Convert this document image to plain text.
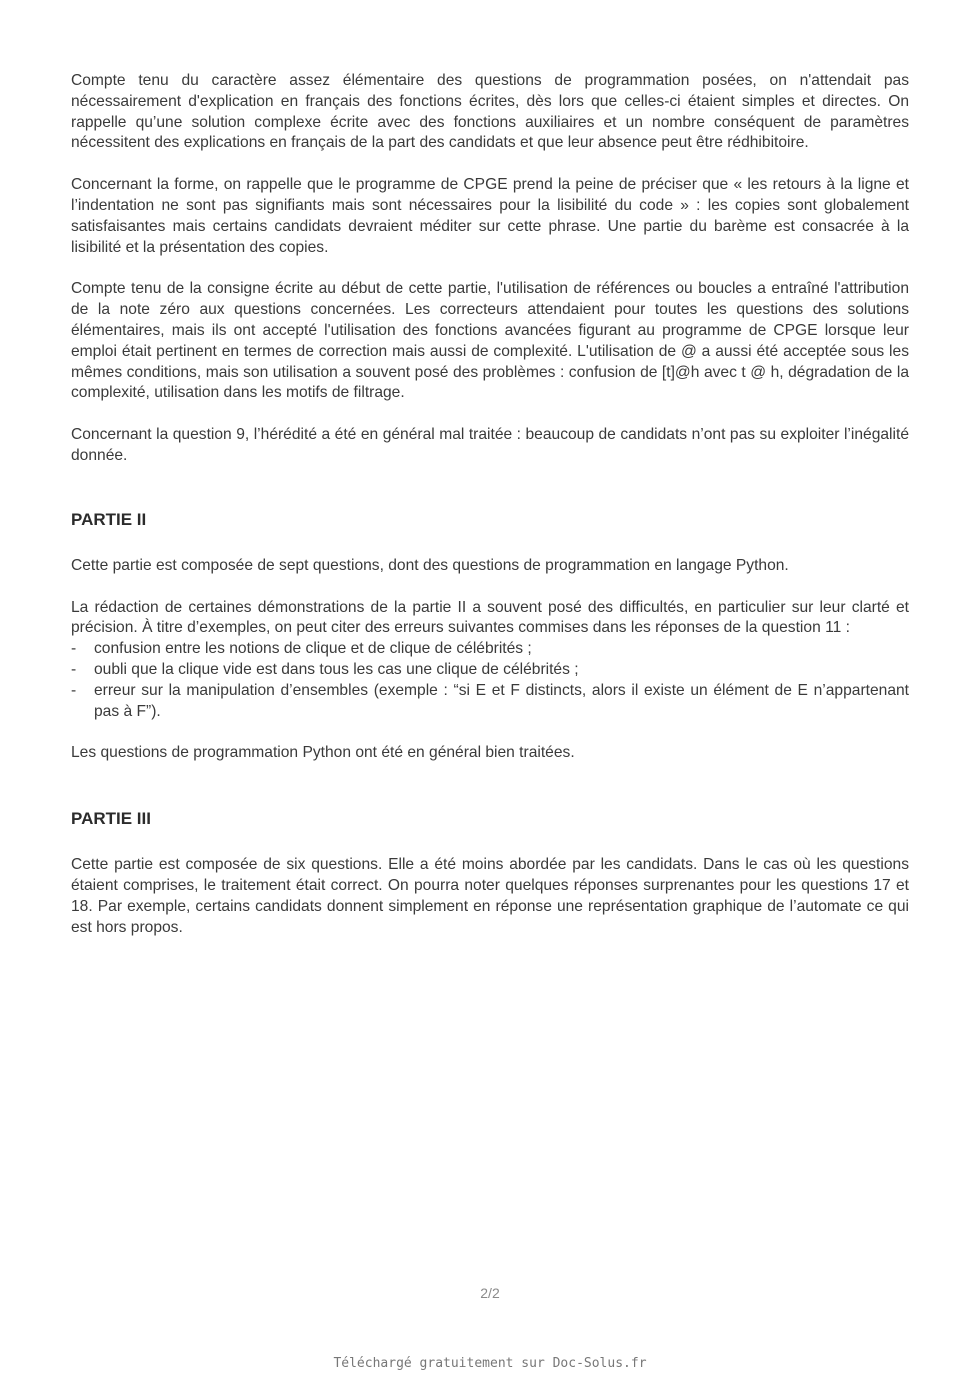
Compte tenu du caractère assez élémentaire des questions de programmation posées, on n'attendait pas nécessairement d'explication en français des fonctions écrites, dès lors que celles-ci étaient simples et directes. On rappelle qu’une solution complexe écrite avec des fonctions auxiliaires et un nombre conséquent de paramètres nécessitent des explications en français de la part des candidats et que leur absence peut être rédhibitoire.

Concernant la forme, on rappelle que le programme de CPGE prend la peine de préciser que « les retours à la ligne et l’indentation ne sont pas signifiants mais sont nécessaires pour la lisibilité du code » : les copies sont globalement satisfaisantes mais certains candidats devraient méditer sur cette phrase. Une partie du barème est consacrée à la lisibilité et la présentation des copies.

Compte tenu de la consigne écrite au début de cette partie, l'utilisation de références ou boucles a entraîné l'attribution de la note zéro aux questions concernées. Les correcteurs attendaient pour toutes les questions des solutions élémentaires, mais ils ont accepté l'utilisation des fonctions avancées figurant au programme de CPGE lorsque leur emploi était pertinent en termes de correction mais aussi de complexité. L'utilisation de @ a aussi été acceptée sous les mêmes conditions, mais son utilisation a souvent posé des problèmes : confusion de [t]@h avec t @ h, dégradation de la complexité, utilisation dans les motifs de filtrage.

Concernant la question 9, l’hérédité a été en général mal traitée : beaucoup de candidats n’ont pas su exploiter l’inégalité donnée.

PARTIE II

Cette partie est composée de sept questions, dont des questions de programmation en langage Python.

La rédaction de certaines démonstrations de la partie II a souvent posé des difficultés, en particulier sur leur clarté et précision. À titre d’exemples, on peut citer des erreurs suivantes commises dans les réponses de la question 11 :

- confusion entre les notions de clique et de clique de célébrités ;
- oubli que la clique vide est dans tous les cas une clique de célébrités ;
- erreur sur la manipulation d’ensembles (exemple : “si E et F distincts, alors il existe un élément de E n’appartenant pas à F”).

Les questions de programmation Python ont été en général bien traitées.

PARTIE III

Cette partie est composée de six questions. Elle a été moins abordée par les candidats. Dans le cas où les questions étaient comprises, le traitement était correct. On pourra noter quelques réponses surprenantes pour les questions 17 et 18. Par exemple, certains candidats donnent simplement en réponse une représentation graphique de l’automate ce qui est hors propos.

2/2
Téléchargé gratuitement sur Doc-Solus.fr
